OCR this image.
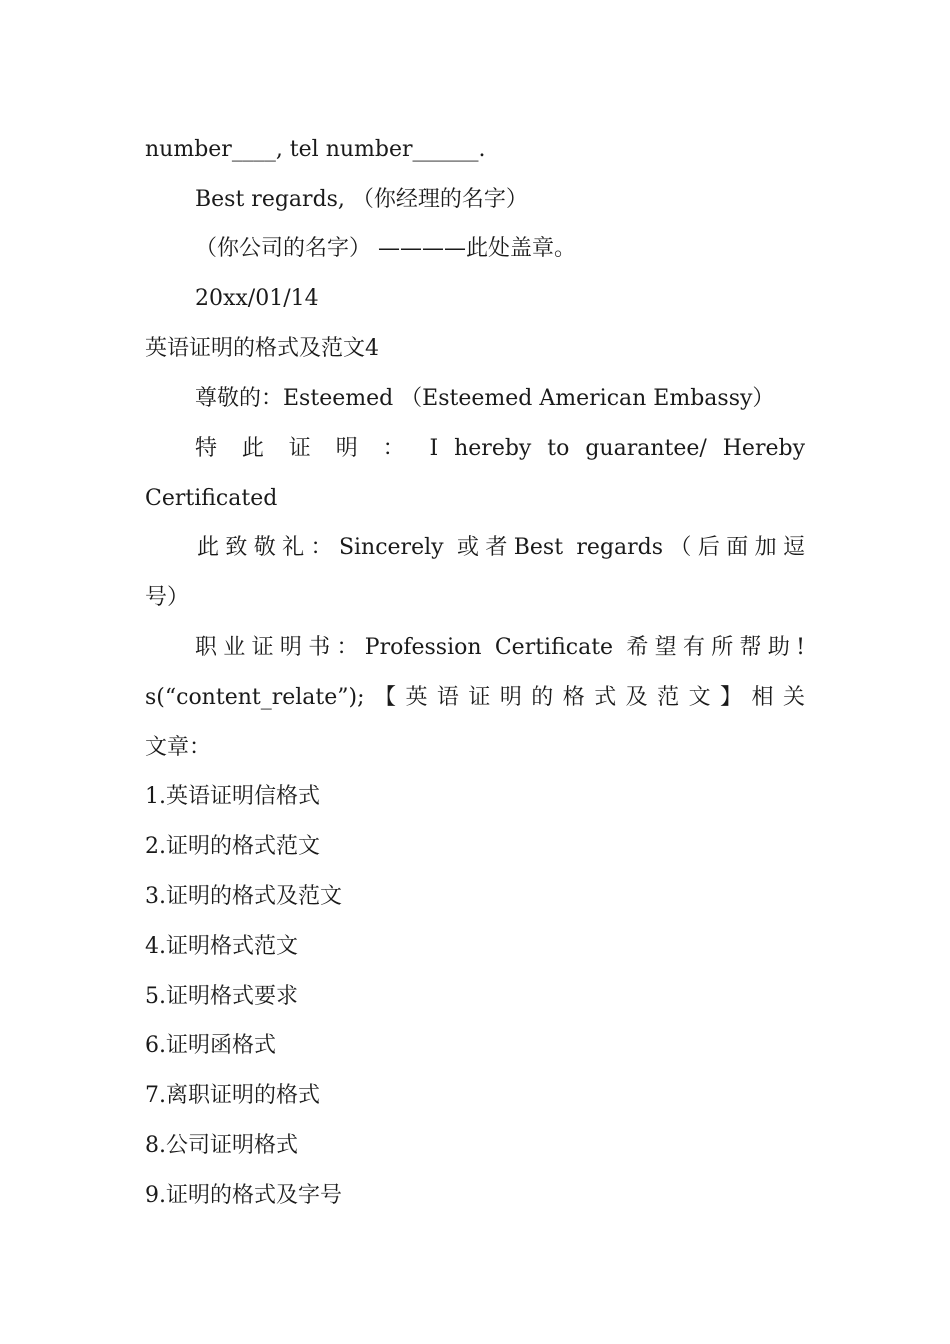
number____, tel number______.
Best regards, （你经理的名字）
（你公司的名字） ————此处盖章。
20xx/01/14
英语证明的格式及范文4
尊敬的：Esteemed （Esteemed American Embassy）
特 此 证 明 ： I hereby to guarantee/ Hereby
Certificated
此致敬礼：Sincerely 或者Best regards（后面加逗
号）
职业证明书：Profession Certificate 希望有所帮助!
s(“content_relate”);【英语证明的格式及范文】相关
文章：
1.英语证明信格式
2.证明的格式范文
3.证明的格式及范文
4.证明格式范文
5.证明格式要求
6.证明函格式
7.离职证明的格式
8.公司证明格式
9.证明的格式及字号
